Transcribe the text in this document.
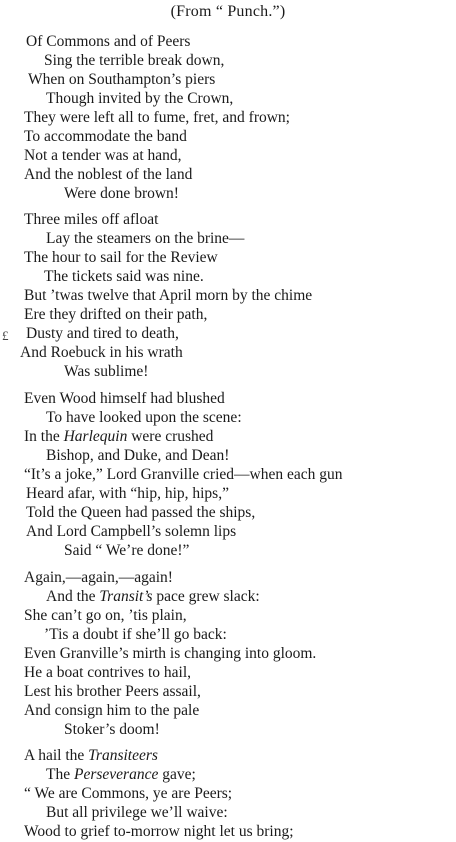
(From “ Punch.”)
Of Commons and of Peers
Sing the terrible break down,
When on Southampton’s piers
Though invited by the Crown,
They were left all to fume, fret, and frown;
To accommodate the band
Not a tender was at hand,
And the noblest of the land
Were done brown!
Three miles off afloat
Lay the steamers on the brine—
The hour to sail for the Review
The tickets said was nine.
But ’twas twelve that April morn by the chime
Ere they drifted on their path,
Dusty and tired to death,
And Roebuck in his wrath
Was sublime!
Even Wood himself had blushed
To have looked upon the scene:
In the Harlequin were crushed
Bishop, and Duke, and Dean!
“It’s a joke,” Lord Granville cried—when each gun
Heard afar, with “hip, hip, hips,”
Told the Queen had passed the ships,
And Lord Campbell’s solemn lips
Said “ We’re done!”
Again,—again,—again!
And the Transit’s pace grew slack:
She can’t go on, ’tis plain,
’Tis a doubt if she’ll go back:
Even Granville’s mirth is changing into gloom.
He a boat contrives to hail,
Lest his brother Peers assail,
And consign him to the pale
Stoker’s doom!
A hail the Transiteers
The Perseverance gave;
“ We are Commons, ye are Peers;
But all privilege we’ll waive:
Wood to grief to-morrow night let us bring;
£
